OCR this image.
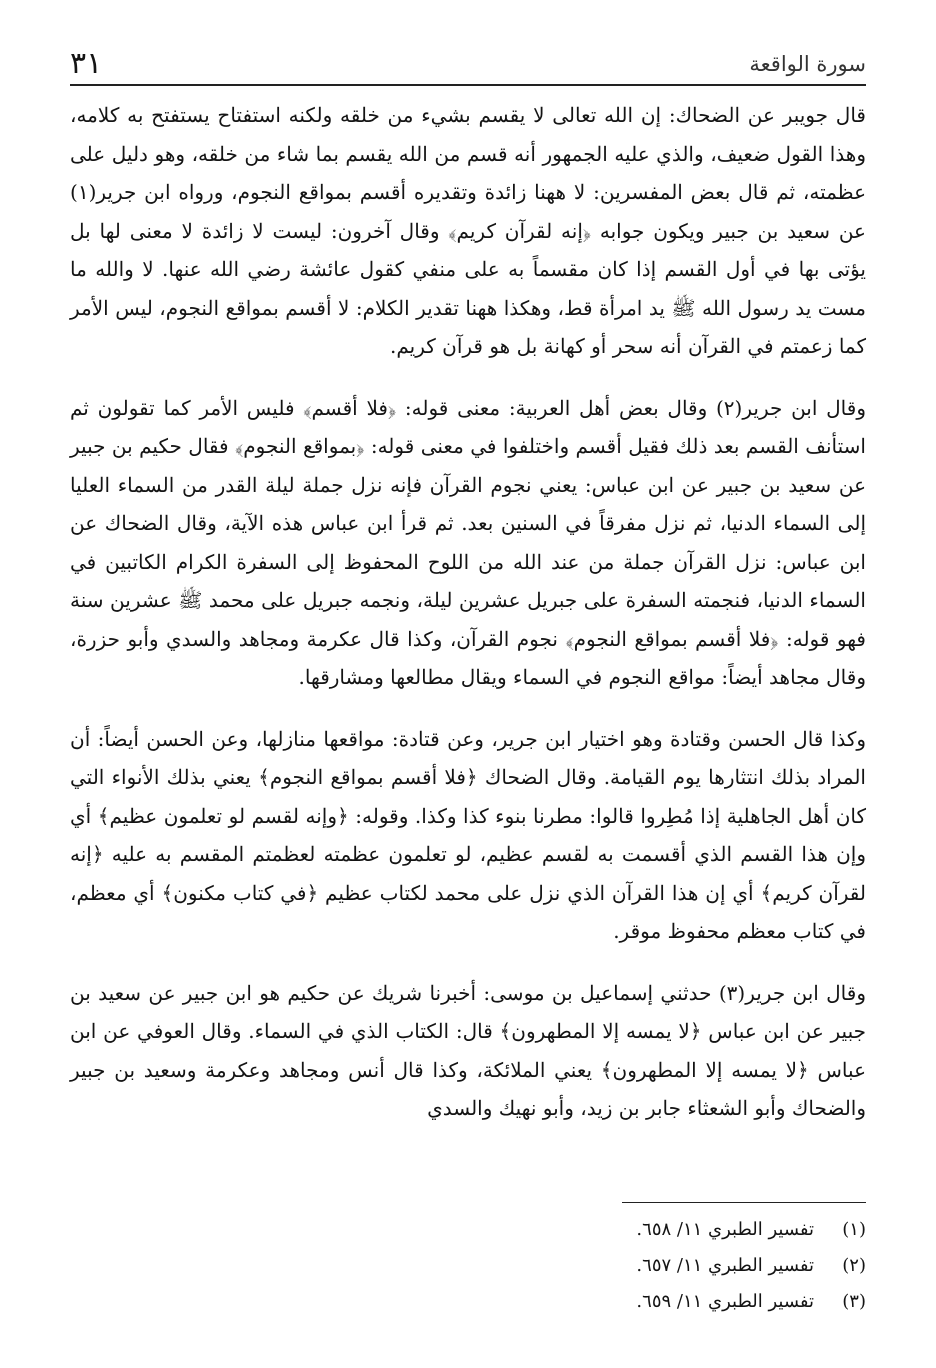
سورة الواقعة
٣١

قال جويبر عن الضحاك: إن الله تعالى لا يقسم بشيء من خلقه ولكنه استفتاح يستفتح به كلامه، وهذا القول ضعيف، والذي عليه الجمهور أنه قسم من الله يقسم بما شاء من خلقه، وهو دليل على عظمته، ثم قال بعض المفسرين: لا ههنا زائدة وتقديره أقسم بمواقع النجوم، ورواه ابن جرير(١) عن سعيد بن جبير ويكون جوابه ﴿إنه لقرآن كريم﴾ وقال آخرون: ليست لا زائدة لا معنى لها بل يؤتى بها في أول القسم إذا كان مقسماً به على منفي كقول عائشة رضي الله عنها. لا والله ما مست يد رسول الله ﷺ يد امرأة قط، وهكذا ههنا تقدير الكلام: لا أقسم بمواقع النجوم، ليس الأمر كما زعمتم في القرآن أنه سحر أو كهانة بل هو قرآن كريم.

وقال ابن جرير(٢) وقال بعض أهل العربية: معنى قوله: ﴿فلا أقسم﴾ فليس الأمر كما تقولون ثم استأنف القسم بعد ذلك فقيل أقسم واختلفوا في معنى قوله: ﴿بمواقع النجوم﴾ فقال حكيم بن جبير عن سعيد بن جبير عن ابن عباس: يعني نجوم القرآن فإنه نزل جملة ليلة القدر من السماء العليا إلى السماء الدنيا، ثم نزل مفرقاً في السنين بعد. ثم قرأ ابن عباس هذه الآية، وقال الضحاك عن ابن عباس: نزل القرآن جملة من عند الله من اللوح المحفوظ إلى السفرة الكرام الكاتبين في السماء الدنيا، فنجمته السفرة على جبريل عشرين ليلة، ونجمه جبريل على محمد ﷺ عشرين سنة فهو قوله: ﴿فلا أقسم بمواقع النجوم﴾ نجوم القرآن، وكذا قال عكرمة ومجاهد والسدي وأبو حزرة، وقال مجاهد أيضاً: مواقع النجوم في السماء ويقال مطالعها ومشارقها.

وكذا قال الحسن وقتادة وهو اختيار ابن جرير، وعن قتادة: مواقعها منازلها، وعن الحسن أيضاً: أن المراد بذلك انتثارها يوم القيامة. وقال الضحاك ﴿فلا أقسم بمواقع النجوم﴾ يعني بذلك الأنواء التي كان أهل الجاهلية إذا مُطِروا قالوا: مطرنا بنوء كذا وكذا. وقوله: ﴿وإنه لقسم لو تعلمون عظيم﴾ أي وإن هذا القسم الذي أقسمت به لقسم عظيم، لو تعلمون عظمته لعظمتم المقسم به عليه ﴿إنه لقرآن كريم﴾ أي إن هذا القرآن الذي نزل على محمد لكتاب عظيم ﴿في كتاب مكنون﴾ أي معظم، في كتاب معظم محفوظ موقر.

وقال ابن جرير(٣) حدثني إسماعيل بن موسى: أخبرنا شريك عن حكيم هو ابن جبير عن سعيد بن جبير عن ابن عباس ﴿لا يمسه إلا المطهرون﴾ قال: الكتاب الذي في السماء. وقال العوفي عن ابن عباس ﴿لا يمسه إلا المطهرون﴾ يعني الملائكة، وكذا قال أنس ومجاهد وعكرمة وسعيد بن جبير والضحاك وأبو الشعثاء جابر بن زيد، وأبو نهيك والسدي

(١)تفسير الطبري ١١/ ٦٥٨.

(٢)تفسير الطبري ١١/ ٦٥٧.

(٣)تفسير الطبري ١١/ ٦٥٩.
